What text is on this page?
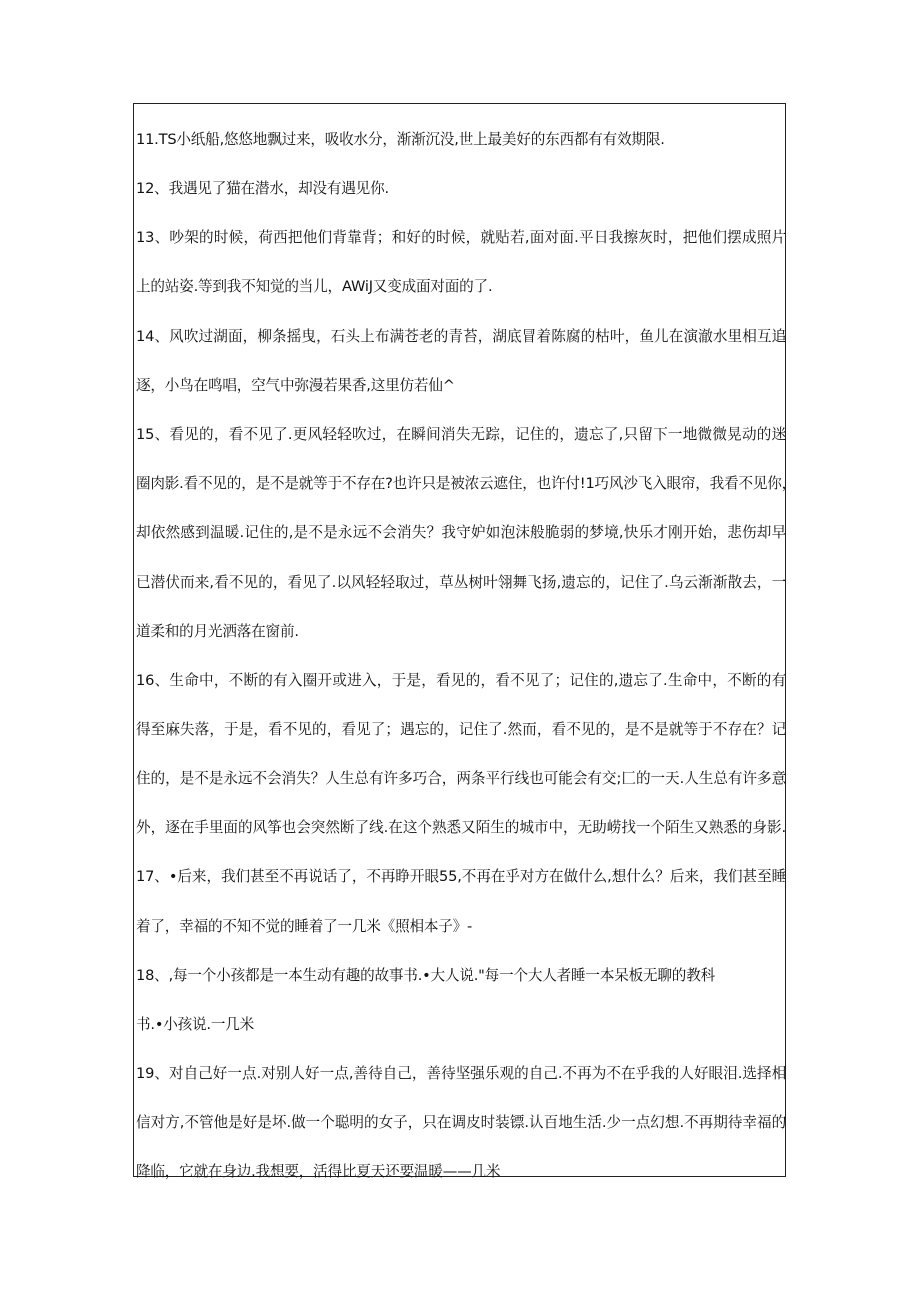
11.TS小纸船,悠悠地飘过来，吸收水分，渐渐沉没,世上最美好的东西都有有效期限.
12、我遇见了猫在潜水，却没有遇见你.
13、吵架的时候，荷西把他们背靠背；和好的时候，就贴若,面对面.平日我擦灰时，把他们摆成照片
上的站姿.等到我不知觉的当儿，AWiJ又变成面对面的了.
14、风吹过湖面，柳条摇曳，石头上布满苍老的青苔，湖底冒着陈腐的枯叶，鱼儿在演澈水里相互追
逐，小鸟在鸣唱，空气中弥漫若果香,这里仿若仙^
15、看见的，看不见了.更风轻轻吹过，在瞬间消失无踪，记住的，遗忘了,只留下一地微微晃动的迷
圈肉影.看不见的，是不是就等于不存在?也许只是被浓云遮住，也许付!1巧风沙飞入眼帘，我看不见你，
却依然感到温暖.记住的,是不是永远不会消失？我守妒如泡沫般脆弱的梦境,快乐才刚开始，悲伤却早
已潜伏而来,看不见的，看见了.以风轻轻取过，草丛树叶翎舞飞扬,遗忘的，记住了.乌云渐渐散去，一
道柔和的月光洒落在窗前.
16、生命中，不断的有入圈开或进入，于是，看见的，看不见了；记住的,遗忘了.生命中，不断的有
得至麻失落，于是，看不见的，看见了；遇忘的，记住了.然而，看不见的，是不是就等于不存在？记
住的，是不是永远不会消失？人生总有许多巧合，两条平行线也可能会有交;匚的一天.人生总有许多意
外，逐在手里面的风筝也会突然断了线.在这个熟悉又陌生的城市中，无助崂找一个陌生又熟悉的身影.
17、•后来，我们甚至不再说话了，不再睁开眼55,不再在乎对方在做什么,想什么？后来，我们甚至睡
着了，幸福的不知不觉的睡着了一几米《照相本子》-
18、,每一个小孩都是一本生动有趣的故事书.•大人说."每一个大人者睡一本呆板无聊的教科
书.•小孩说.一几米
19、对自己好一点.对别人好一点,善待自己，善待坚强乐观的自己.不再为不在乎我的人好眼泪.选择相
信对方,不管他是好是坏.做一个聪明的女子，只在调皮时装镖.认百地生活.少一点幻想.不再期待幸福的
降临，它就在身边.我想要，活得比夏天还要温暖——几米
